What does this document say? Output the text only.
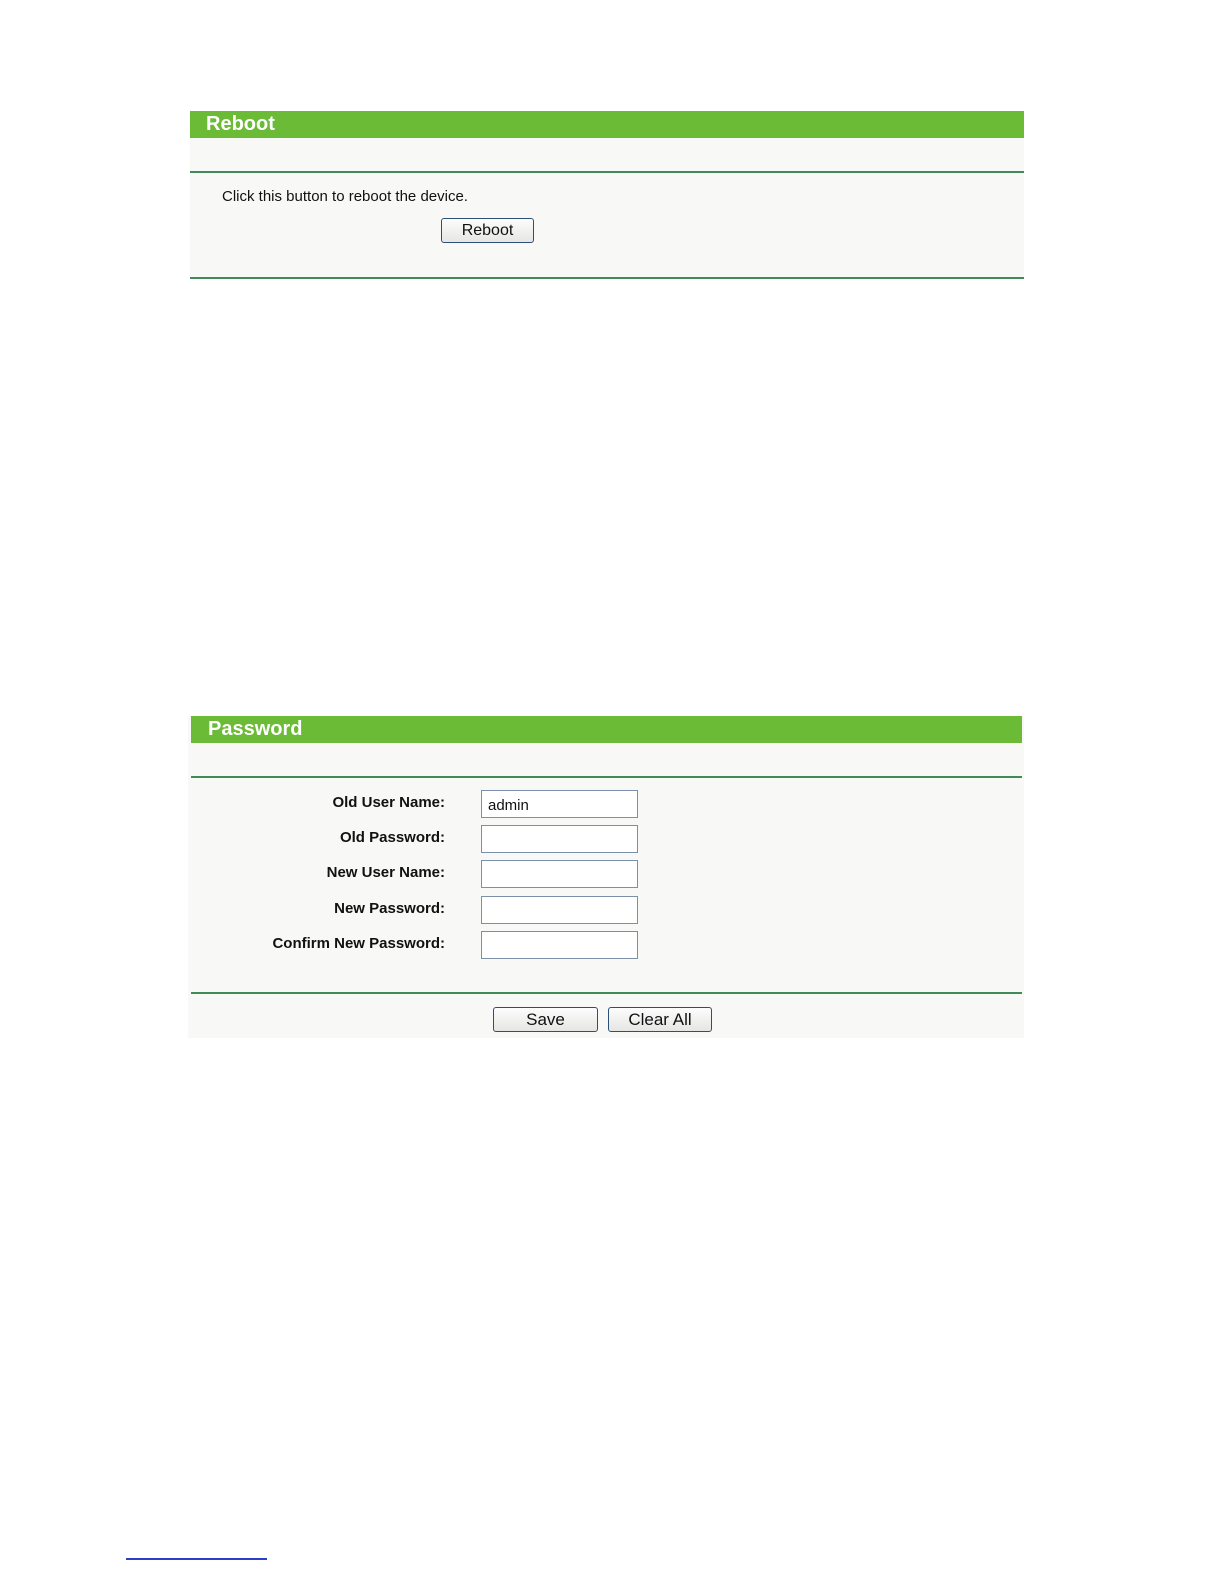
Reboot
Click this button to reboot the device.
Reboot
Password
Old User Name:
admin
Old Password:
New User Name:
New Password:
Confirm New Password:
Save	Clear All
